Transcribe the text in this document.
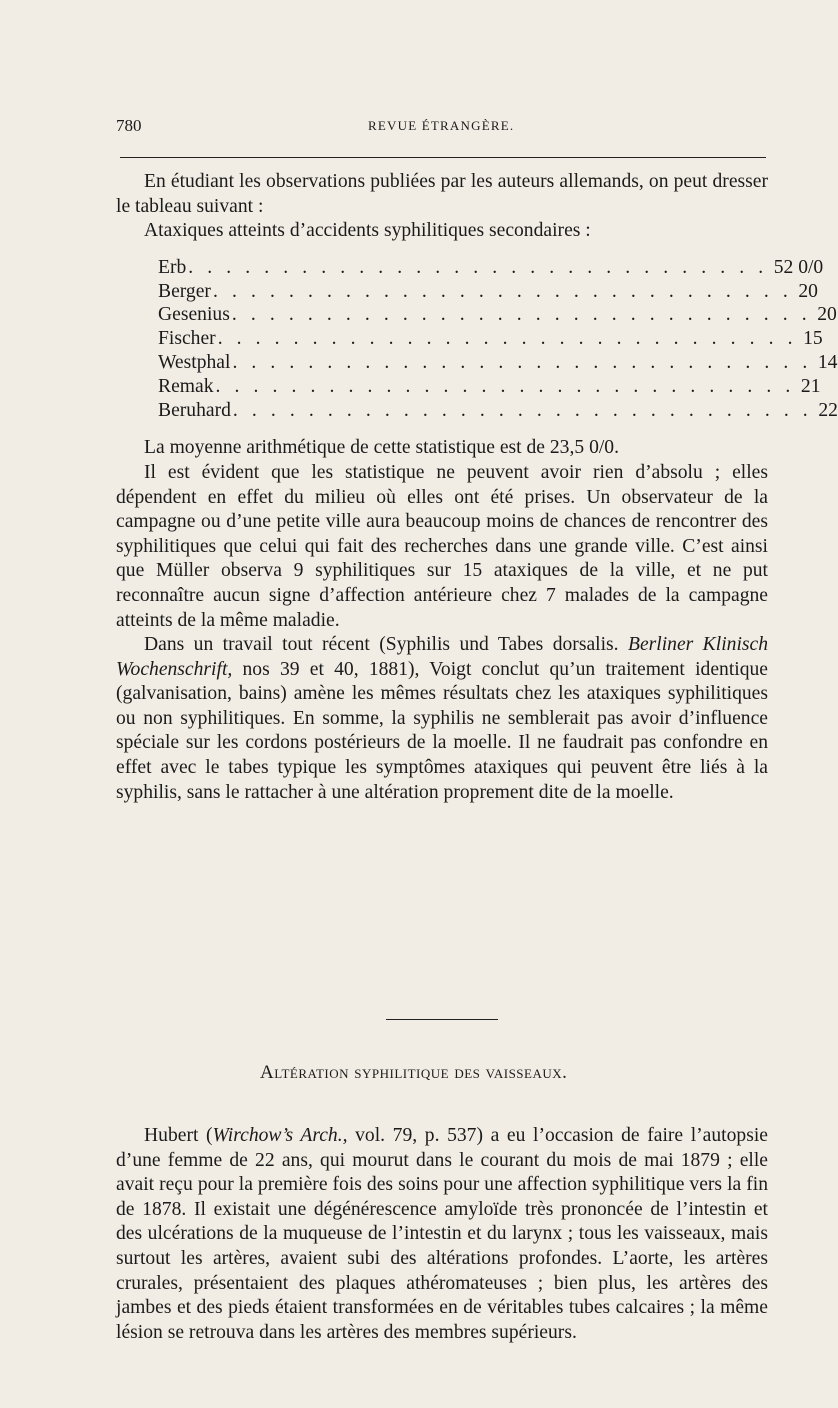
780	REVUE ÉTRANGÈRE.

En étudiant les observations publiées par les auteurs allemands, on peut dresser le tableau suivant :

Ataxiques atteints d’accidents syphilitiques secondaires :

Erb . . . . . . . . . . . . . . . . . . . . . . . . . . . . . . . 52 0/0
Berger . . . . . . . . . . . . . . . . . . . . . . . . . . . . . . . 20
Gesenius . . . . . . . . . . . . . . . . . . . . . . . . . . . . . . . 20
Fischer . . . . . . . . . . . . . . . . . . . . . . . . . . . . . . . 15
Westphal . . . . . . . . . . . . . . . . . . . . . . . . . . . . . . . 14
Remak . . . . . . . . . . . . . . . . . . . . . . . . . . . . . . . 21
Beruhard . . . . . . . . . . . . . . . . . . . . . . . . . . . . . . . 22

La moyenne arithmétique de cette statistique est de 23,5 0/0.

Il est évident que les statistique ne peuvent avoir rien d’absolu ; elles dépendent en effet du milieu où elles ont été prises. Un observateur de la campagne ou d’une petite ville aura beaucoup moins de chances de rencontrer des syphilitiques que celui qui fait des recherches dans une grande ville. C’est ainsi que Müller observa 9 syphilitiques sur 15 ataxiques de la ville, et ne put reconnaître aucun signe d’affection antérieure chez 7 malades de la campagne atteints de la même maladie.

Dans un travail tout récent (Syphilis und Tabes dorsalis. Berliner Klinisch Wochenschrift, nos 39 et 40, 1881), Voigt conclut qu’un traitement identique (galvanisation, bains) amène les mêmes résultats chez les ataxiques syphilitiques ou non syphilitiques. En somme, la syphilis ne semblerait pas avoir d’influence spéciale sur les cordons postérieurs de la moelle. Il ne faudrait pas confondre en effet avec le tabes typique les symptômes ataxiques qui peuvent être liés à la syphilis, sans le rattacher à une altération proprement dite de la moelle.

Altération syphilitique des vaisseaux.

Hubert (Wirchow’s Arch., vol. 79, p. 537) a eu l’occasion de faire l’autopsie d’une femme de 22 ans, qui mourut dans le courant du mois de mai 1879 ; elle avait reçu pour la première fois des soins pour une affection syphilitique vers la fin de 1878. Il existait une dégénérescence amyloïde très prononcée de l’intestin et des ulcérations de la muqueuse de l’intestin et du larynx ; tous les vaisseaux, mais surtout les artères, avaient subi des altérations profondes. L’aorte, les artères crurales, présentaient des plaques athéromateuses ; bien plus, les artères des jambes et des pieds étaient transformées en de véritables tubes calcaires ; la même lésion se retrouva dans les artères des membres supérieurs.
